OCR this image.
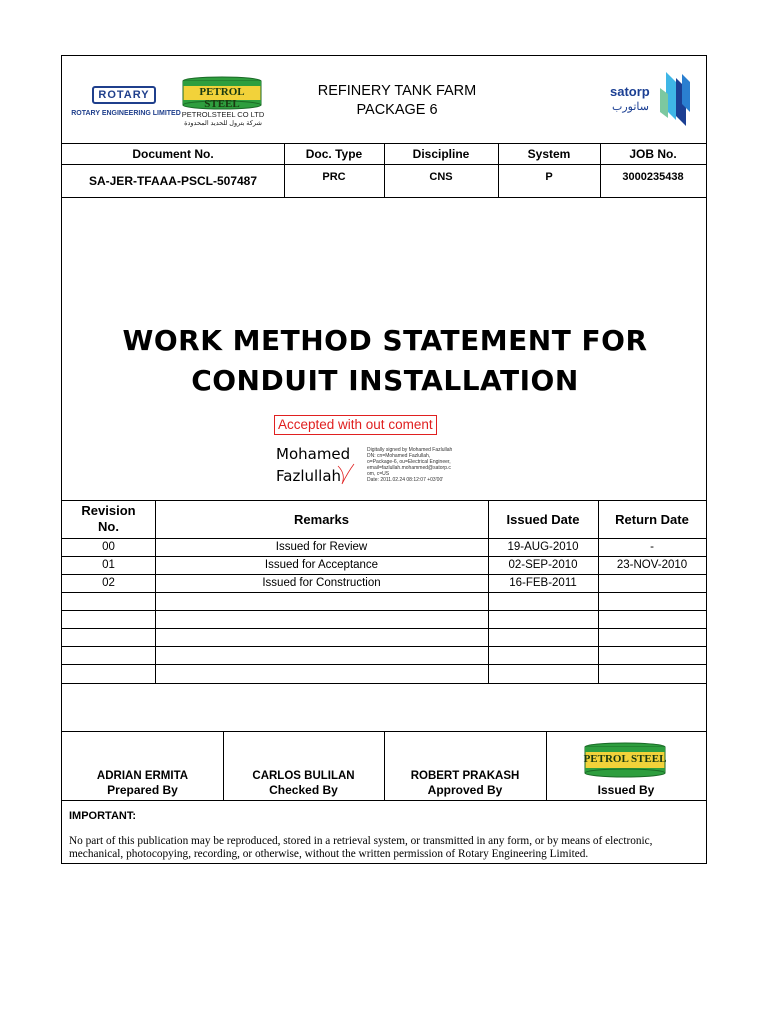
ROTARY
ROTARY ENGINEERING LIMITED
PETROL STEEL
PETROLSTEEL CO LTD
شركة بترول للحديد المحدودة
REFINERY TANK FARM
PACKAGE 6
satorp
ساتورب
Document No.	Doc. Type	Discipline	System	JOB No.
SA-JER-TFAAA-PSCL-507487	PRC	CNS	P	3000235438
WORK METHOD STATEMENT FOR
CONDUIT INSTALLATION
Accepted with out coment
Mohamed
Fazlullah
Digitally signed by Mohamed Fazlullah
DN: cn=Mohamed Fazlullah,
o=Package-6, ou=Electrical Engineer,
email=fazlullah.mohammed@satorp.c
om, c=US
Date: 2011.02.24 08:12:07 +03'00'
Revision
No.	Remarks	Issued Date	Return Date
00	Issued for Review	19-AUG-2010	-
01	Issued for Acceptance	02-SEP-2010	23-NOV-2010
02	Issued for Construction	16-FEB-2011
ADRIAN ERMITA	CARLOS BULILAN	ROBERT PRAKASH
PETROL STEEL
Prepared By	Checked By	Approved By	Issued By
IMPORTANT:
No part of this publication may be reproduced, stored in a retrieval system, or transmitted in any form, or by means of electronic,
mechanical, photocopying, recording, or otherwise, without the written permission of Rotary Engineering Limited.
